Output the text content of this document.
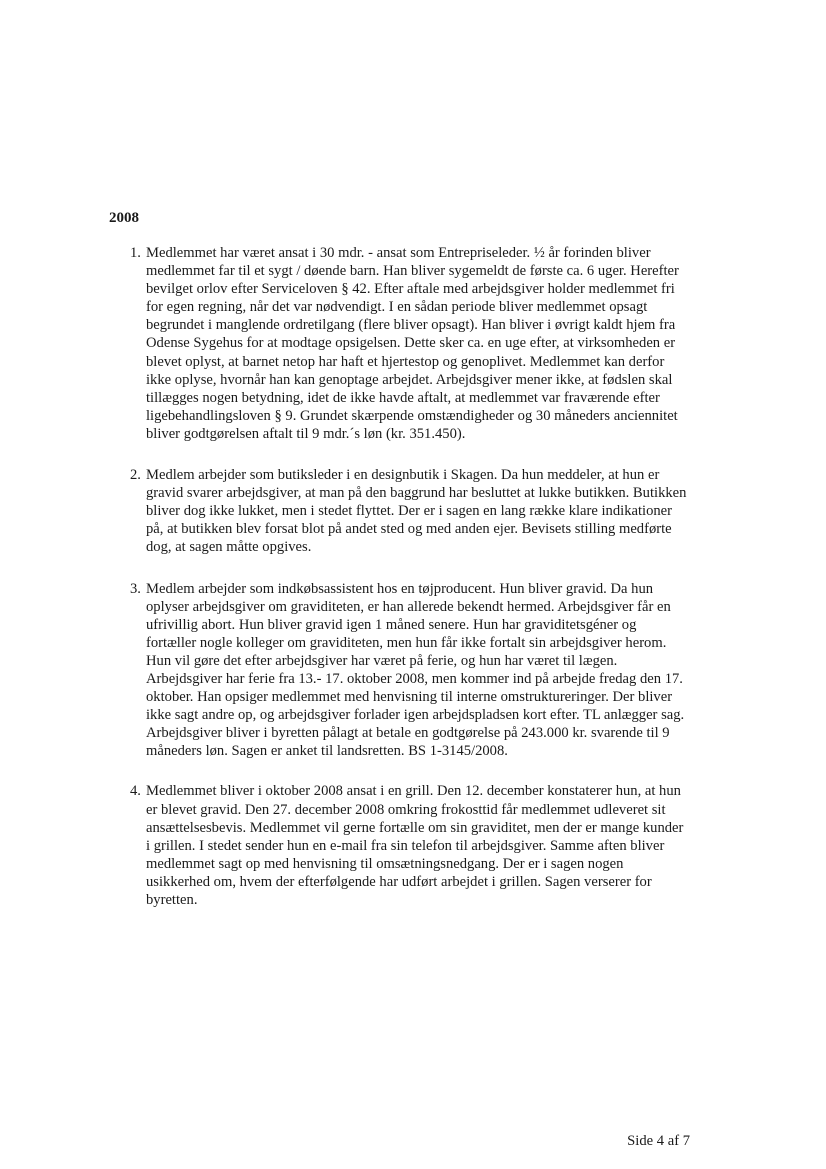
2008
1. Medlemmet har været ansat i 30 mdr. - ansat som Entrepriseleder. ½ år forinden bliver medlemmet far til et sygt / døende barn. Han bliver sygemeldt de første ca. 6 uger. Herefter bevilget orlov efter Serviceloven § 42. Efter aftale med arbejdsgiver holder medlemmet fri for egen regning, når det var nødvendigt. I en sådan periode bliver medlemmet opsagt begrundet i manglende ordretilgang (flere bliver opsagt). Han bliver i øvrigt kaldt hjem fra Odense Sygehus for at modtage opsigelsen. Dette sker ca. en uge efter, at virksomheden er blevet oplyst, at barnet netop har haft et hjertestop og genoplivet. Medlemmet kan derfor ikke oplyse, hvornår han kan genoptage arbejdet. Arbejdsgiver mener ikke, at fødslen skal tillægges nogen betydning, idet de ikke havde aftalt, at medlemmet var fraværende efter ligebehandlingsloven § 9. Grundet skærpende omstændigheder og 30 måneders anciennitet bliver godtgørelsen aftalt til 9 mdr.´s løn (kr. 351.450).
2. Medlem arbejder som butiksleder i en designbutik i Skagen. Da hun meddeler, at hun er gravid svarer arbejdsgiver, at man på den baggrund har besluttet at lukke butikken. Butikken bliver dog ikke lukket, men i stedet flyttet. Der er i sagen en lang række klare indikationer på, at butikken blev forsat blot på andet sted og med anden ejer. Bevisets stilling medførte dog, at sagen måtte opgives.
3. Medlem arbejder som indkøbsassistent hos en tøjproducent. Hun bliver gravid. Da hun oplyser arbejdsgiver om graviditeten, er han allerede bekendt hermed. Arbejdsgiver får en ufrivillig abort. Hun bliver gravid igen 1 måned senere. Hun har graviditetsgéner og fortæller nogle kolleger om graviditeten, men hun får ikke fortalt sin arbejdsgiver herom. Hun vil gøre det efter arbejdsgiver har været på ferie, og hun har været til lægen. Arbejdsgiver har ferie fra 13.- 17. oktober 2008, men kommer ind på arbejde fredag den 17. oktober. Han opsiger medlemmet med henvisning til interne omstruktureringer. Der bliver ikke sagt andre op, og arbejdsgiver forlader igen arbejdspladsen kort efter. TL anlægger sag. Arbejdsgiver bliver i byretten pålagt at betale en godtgørelse på 243.000 kr. svarende til 9 måneders løn. Sagen er anket til landsretten. BS 1-3145/2008.
4. Medlemmet bliver i oktober 2008 ansat i en grill. Den 12. december konstaterer hun, at hun er blevet gravid. Den 27. december 2008 omkring frokosttid får medlemmet udleveret sit ansættelsesbevis. Medlemmet vil gerne fortælle om sin graviditet, men der er mange kunder i grillen. I stedet sender hun en e-mail fra sin telefon til arbejdsgiver. Samme aften bliver medlemmet sagt op med henvisning til omsætningsnedgang. Der er i sagen nogen usikkerhed om, hvem der efterfølgende har udført arbejdet i grillen. Sagen verserer for byretten.
Side 4 af 7
